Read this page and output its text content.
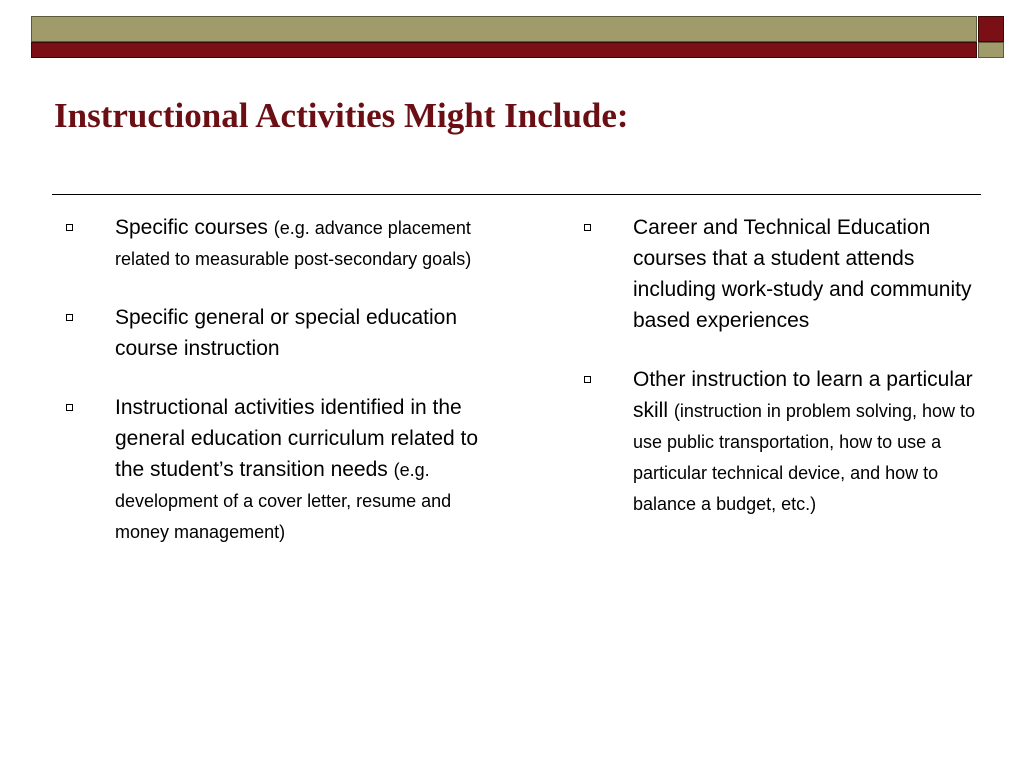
Instructional Activities Might Include:
Specific courses (e.g. advance placement related to measurable post-secondary goals)
Specific general or special education course instruction
Instructional activities identified in the general education curriculum related to the student’s transition needs (e.g. development of a cover letter, resume and money management)
Career and Technical Education courses that a student attends including work-study and community based experiences
Other instruction to learn a particular skill (instruction in problem solving, how to use public transportation, how to use a particular technical device, and how to balance a budget, etc.)
